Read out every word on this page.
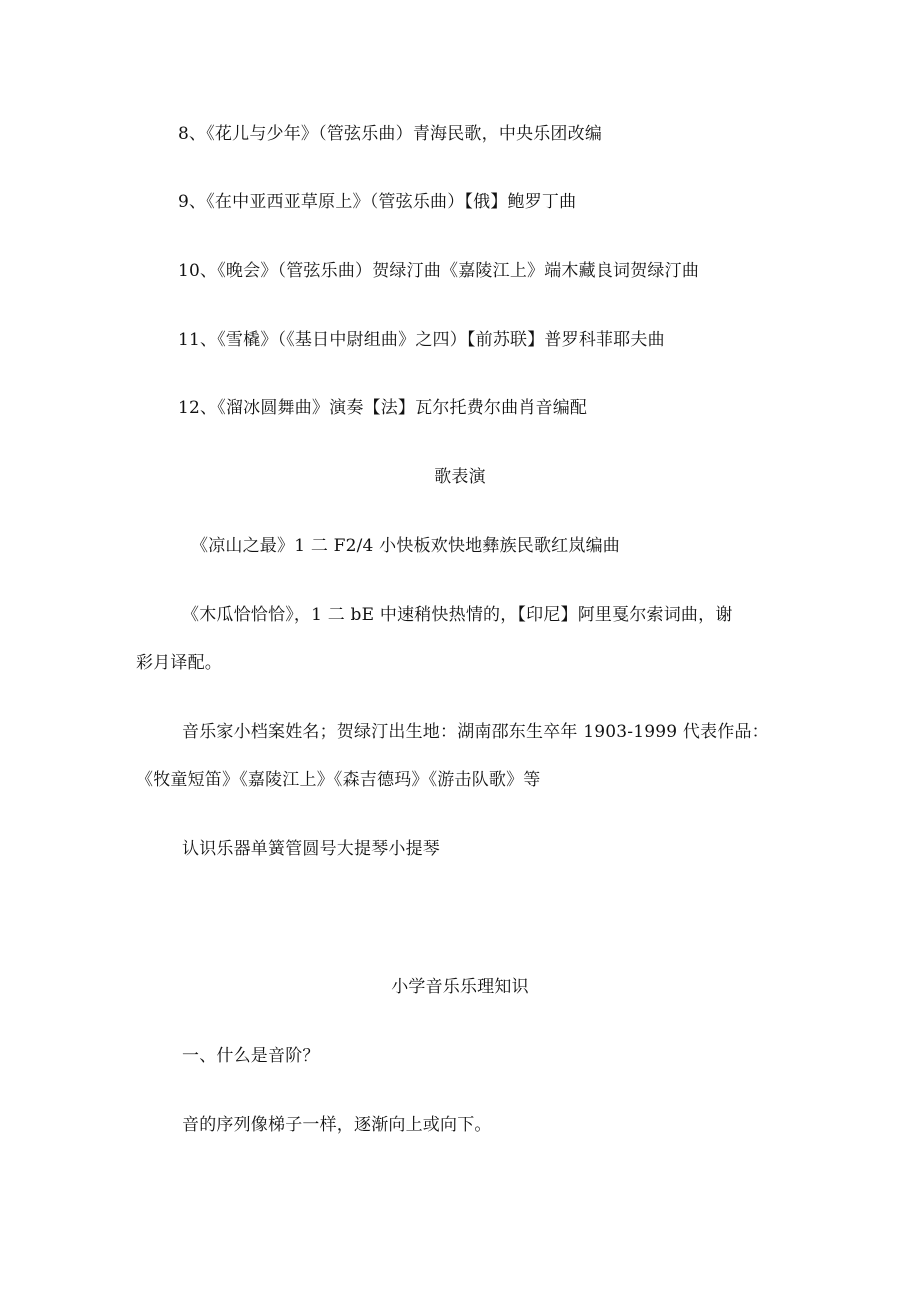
8、《花儿与少年》（管弦乐曲）青海民歌，中央乐团改编
9、《在中亚西亚草原上》（管弦乐曲）【俄】鲍罗丁曲
10、《晚会》（管弦乐曲）贺绿汀曲《嘉陵江上》端木藏良词贺绿汀曲
11、《雪橇》（《基日中尉组曲》之四）【前苏联】普罗科菲耶夫曲
12、《溜冰圆舞曲》演奏【法】瓦尔托费尔曲肖音编配
歌表演
《凉山之最》1 二 F2/4 小快板欢快地彝族民歌红岚编曲
《木瓜恰恰恰》，1 二 bE 中速稍快热情的，【印尼】阿里戛尔索词曲，谢
彩月译配。
音乐家小档案姓名；贺绿汀出生地：湖南邵东生卒年 1903-1999 代表作品：
《牧童短笛》《嘉陵江上》《森吉德玛》《游击队歌》等
认识乐器单簧管圆号大提琴小提琴
小学音乐乐理知识
一、什么是音阶？
音的序列像梯子一样，逐渐向上或向下。
